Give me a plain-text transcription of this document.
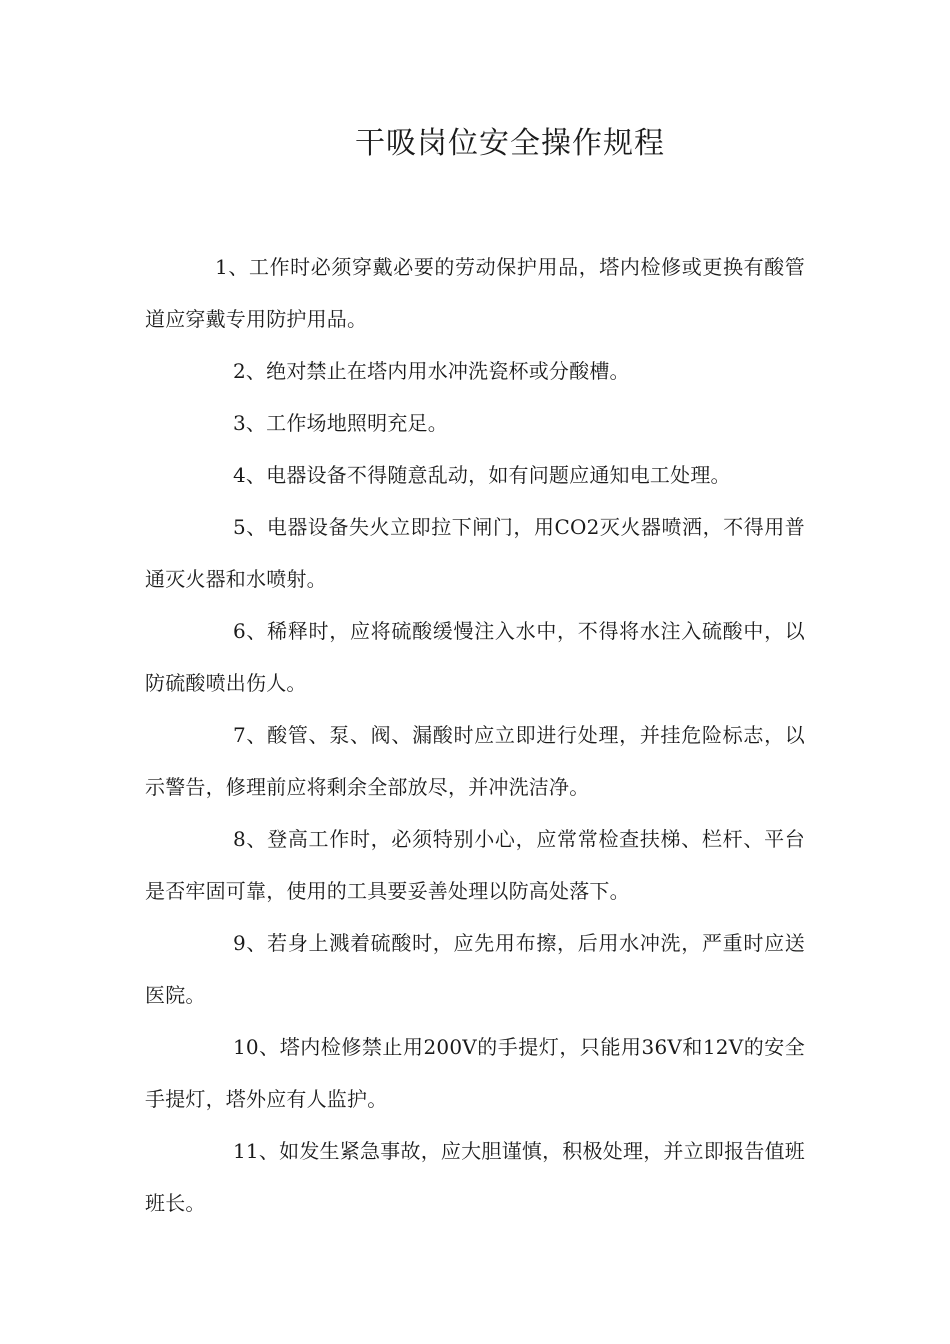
干吸岗位安全操作规程

1、工作时必须穿戴必要的劳动保护用品，塔内检修或更换有酸管道应穿戴专用防护用品。

2、绝对禁止在塔内用水冲洗瓷杯或分酸槽。

3、工作场地照明充足。

4、电器设备不得随意乱动，如有问题应通知电工处理。

5、电器设备失火立即拉下闸门，用CO2灭火器喷洒，不得用普通灭火器和水喷射。

6、稀释时，应将硫酸缓慢注入水中，不得将水注入硫酸中，以防硫酸喷出伤人。

7、酸管、泵、阀、漏酸时应立即进行处理，并挂危险标志，以示警告，修理前应将剩余全部放尽，并冲洗洁净。

8、登高工作时，必须特别小心，应常常检查扶梯、栏杆、平台是否牢固可靠，使用的工具要妥善处理以防高处落下。

9、若身上溅着硫酸时，应先用布擦，后用水冲洗，严重时应送医院。

10、塔内检修禁止用200V的手提灯，只能用36V和12V的安全手提灯，塔外应有人监护。

11、如发生紧急事故，应大胆谨慎，积极处理，并立即报告值班班长。
